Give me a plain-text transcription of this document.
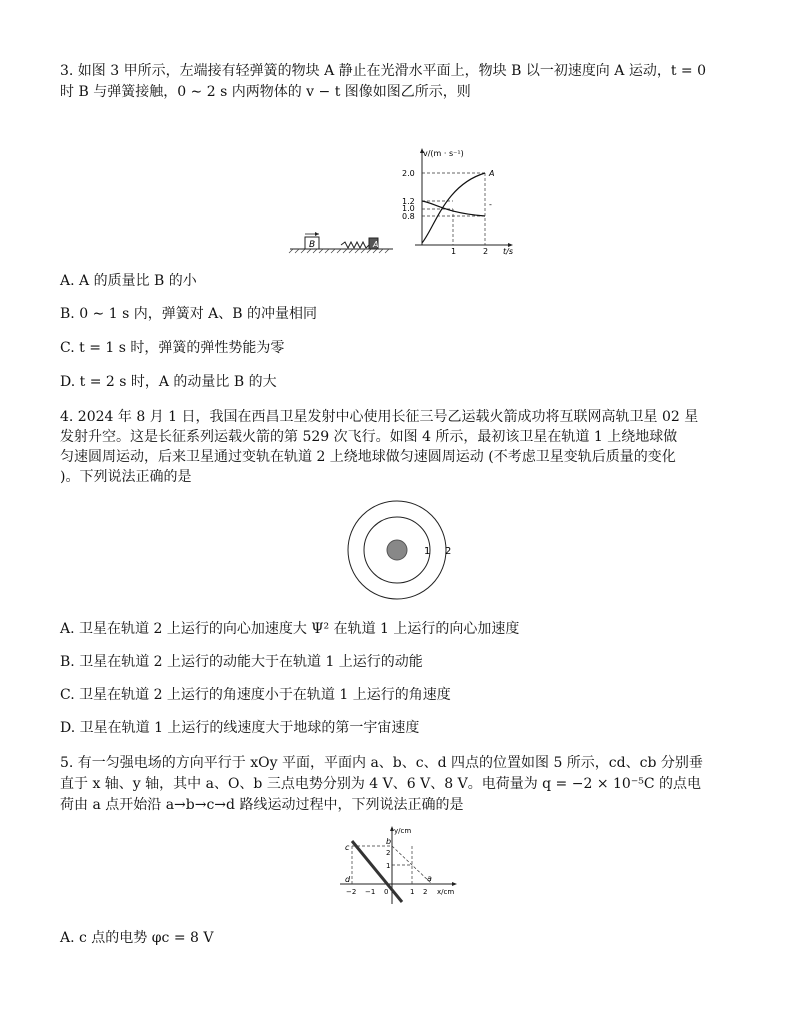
3. 如图 3 甲所示，左端接有轻弹簧的物块 A 静止在光滑水平面上，物块 B 以一初速度向 A 运动，t = 0
时 B 与弹簧接触，0 ∼ 2 s 内两物体的 v − t 图像如图乙所示，则
B	A
v/(m · s⁻¹)
t/s
2.0
1.2
1.0
0.8
1	2
A
-
A. A 的质量比 B 的小
B. 0 ∼ 1 s 内，弹簧对 A、B 的冲量相同
C. t = 1 s 时，弹簧的弹性势能为零
D. t = 2 s 时，A 的动量比 B 的大
4. 2024 年 8 月 1 日，我国在西昌卫星发射中心使用长征三号乙运载火箭成功将互联网高轨卫星 02 星
发射升空。这是长征系列运载火箭的第 529 次飞行。如图 4 所示，最初该卫星在轨道 1 上绕地球做
匀速圆周运动，后来卫星通过变轨在轨道 2 上绕地球做匀速圆周运动 (不考虑卫星变轨后质量的变化
)。下列说法正确的是
1 2
A. 卫星在轨道 2 上运行的向心加速度大 Ψ² 在轨道 1 上运行的向心加速度
B. 卫星在轨道 2 上运行的动能大于在轨道 1 上运行的动能
C. 卫星在轨道 2 上运行的角速度小于在轨道 1 上运行的角速度
D. 卫星在轨道 1 上运行的线速度大于地球的第一宇宙速度
5. 有一匀强电场的方向平行于 xOy 平面，平面内 a、b、c、d 四点的位置如图 5 所示，cd、cb 分别垂
直于 x 轴、y 轴，其中 a、O、b 三点电势分别为 4 V、6 V、8 V。电荷量为 q = −2 × 10⁻⁵C 的点电
荷由 a 点开始沿 a→b→c→d 路线运动过程中，下列说法正确的是
y/cm
x/cm
c
b
a
d
2
1
−2 −1 0	1 2
A. c 点的电势 φc = 8 V
